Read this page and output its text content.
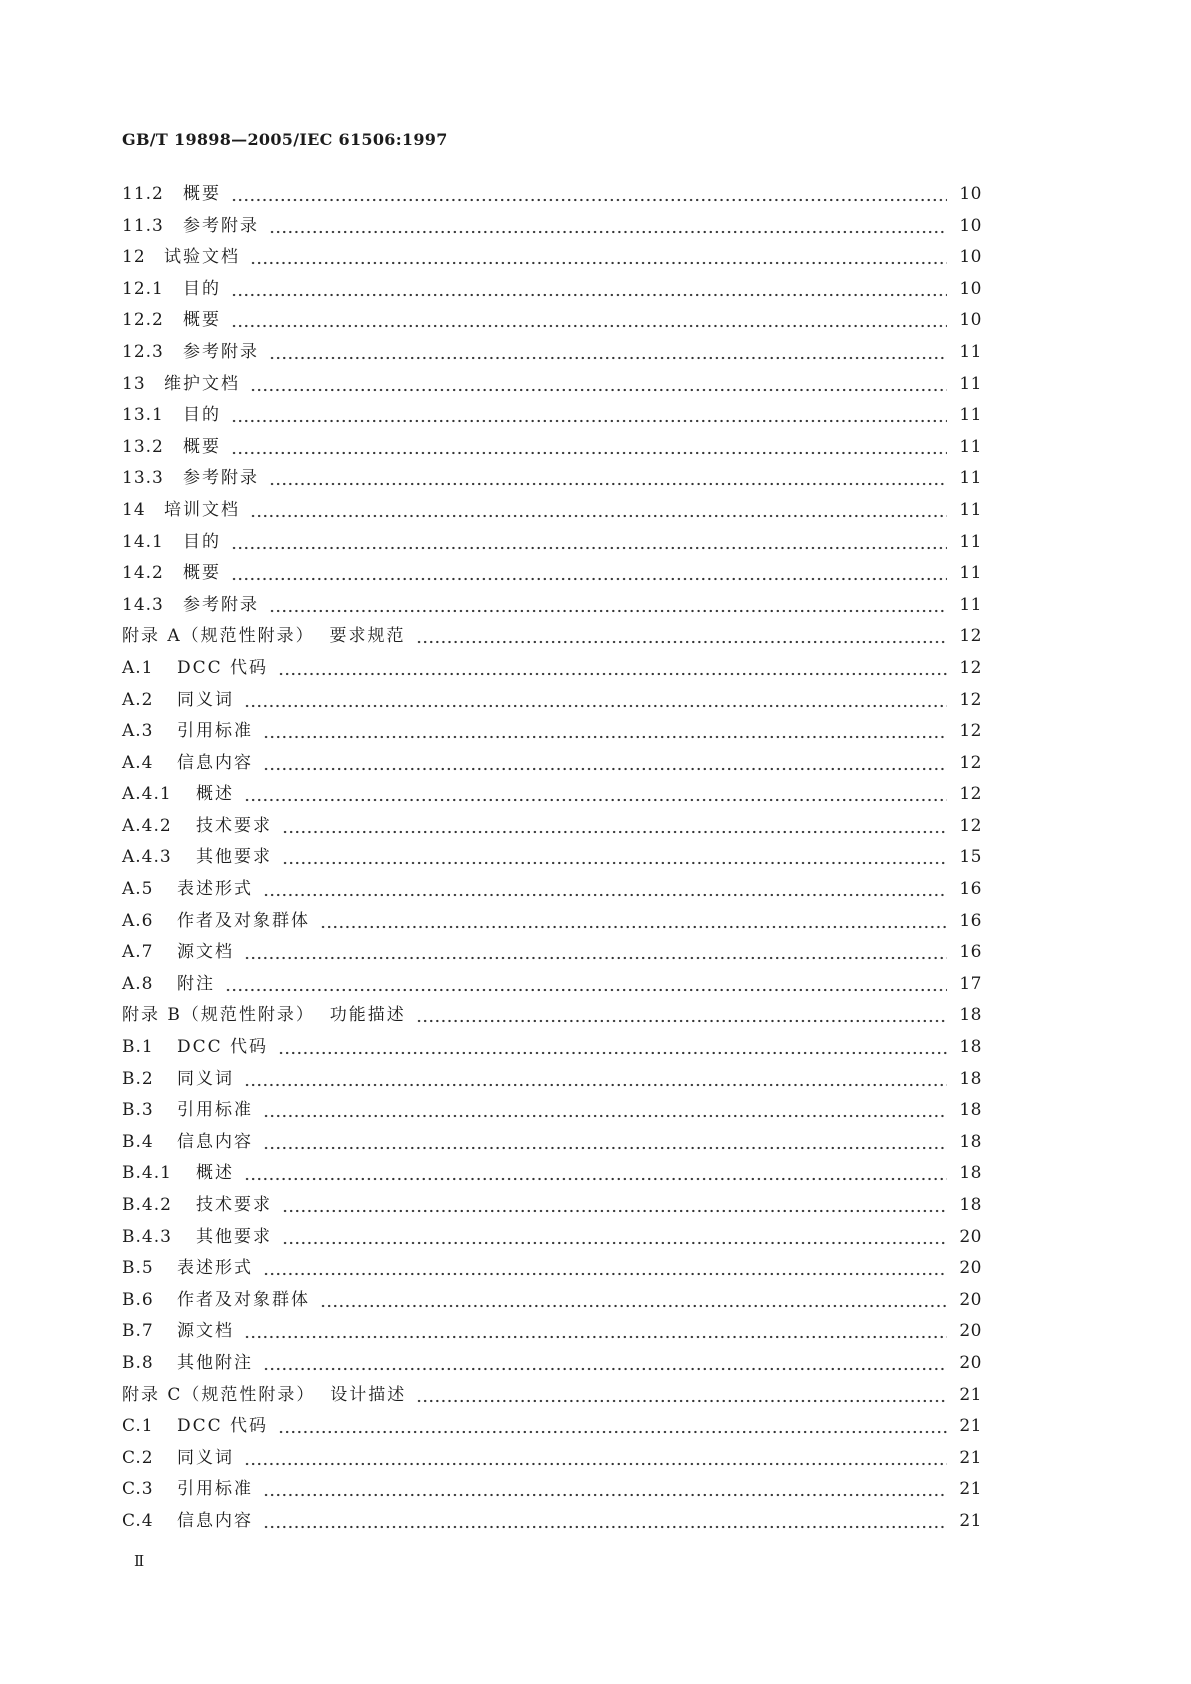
GB/T 19898—2005/IEC 61506:1997
11.2	概要	10
11.3	参考附录	10
12	试验文档	10
12.1	目的	10
12.2	概要	10
12.3	参考附录	11
13	维护文档	11
13.1	目的	11
13.2	概要	11
13.3	参考附录	11
14	培训文档	11
14.1	目的	11
14.2	概要	11
14.3	参考附录	11
附录 A（规范性附录）  要求规范	12
A.1	DCC 代码	12
A.2	同义词	12
A.3	引用标准	12
A.4	信息内容	12
A.4.1	概述	12
A.4.2	技术要求	12
A.4.3	其他要求	15
A.5	表述形式	16
A.6	作者及对象群体	16
A.7	源文档	16
A.8	附注	17
附录 B（规范性附录）  功能描述	18
B.1	DCC 代码	18
B.2	同义词	18
B.3	引用标准	18
B.4	信息内容	18
B.4.1	概述	18
B.4.2	技术要求	18
B.4.3	其他要求	20
B.5	表述形式	20
B.6	作者及对象群体	20
B.7	源文档	20
B.8	其他附注	20
附录 C（规范性附录）  设计描述	21
C.1	DCC 代码	21
C.2	同义词	21
C.3	引用标准	21
C.4	信息内容	21
Ⅱ
